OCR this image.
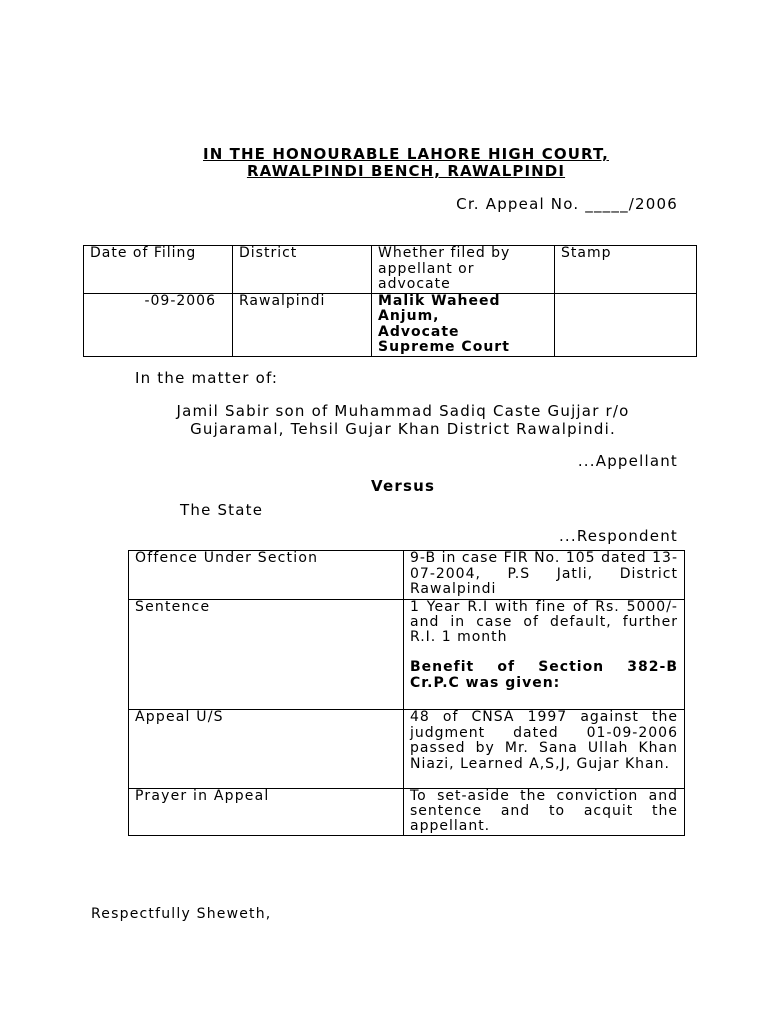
IN THE HONOURABLE LAHORE HIGH COURT,
RAWALPINDI BENCH, RAWALPINDI
Cr. Appeal No. _____/2006
Date of Filing	District	Whether filed by appellant or advocate	Stamp
-09-2006	Rawalpindi	Malik Waheed
Anjum,
Advocate
Supreme Court	

In the matter of:
Jamil Sabir son of Muhammad Sadiq Caste Gujjar r/o
Gujaramal, Tehsil Gujar Khan District Rawalpindi.
...Appellant
Versus
The State
...Respondent
Offence Under Section	9-B in case FIR No. 105 dated 13-07-2004, P.S Jatli, District Rawalpindi
Sentence	1 Year R.I with fine of Rs. 5000/- and in case of default, further R.I. 1 month
Benefit of Section 382-B Cr.P.C was given:

Appeal U/S	48 of CNSA 1997 against the judgment dated 01-09-2006 passed by Mr. Sana Ullah Khan Niazi, Learned A,S,J, Gujar Khan.
Prayer in Appeal	To set-aside the conviction and sentence and to acquit the appellant.
Respectfully Sheweth,
